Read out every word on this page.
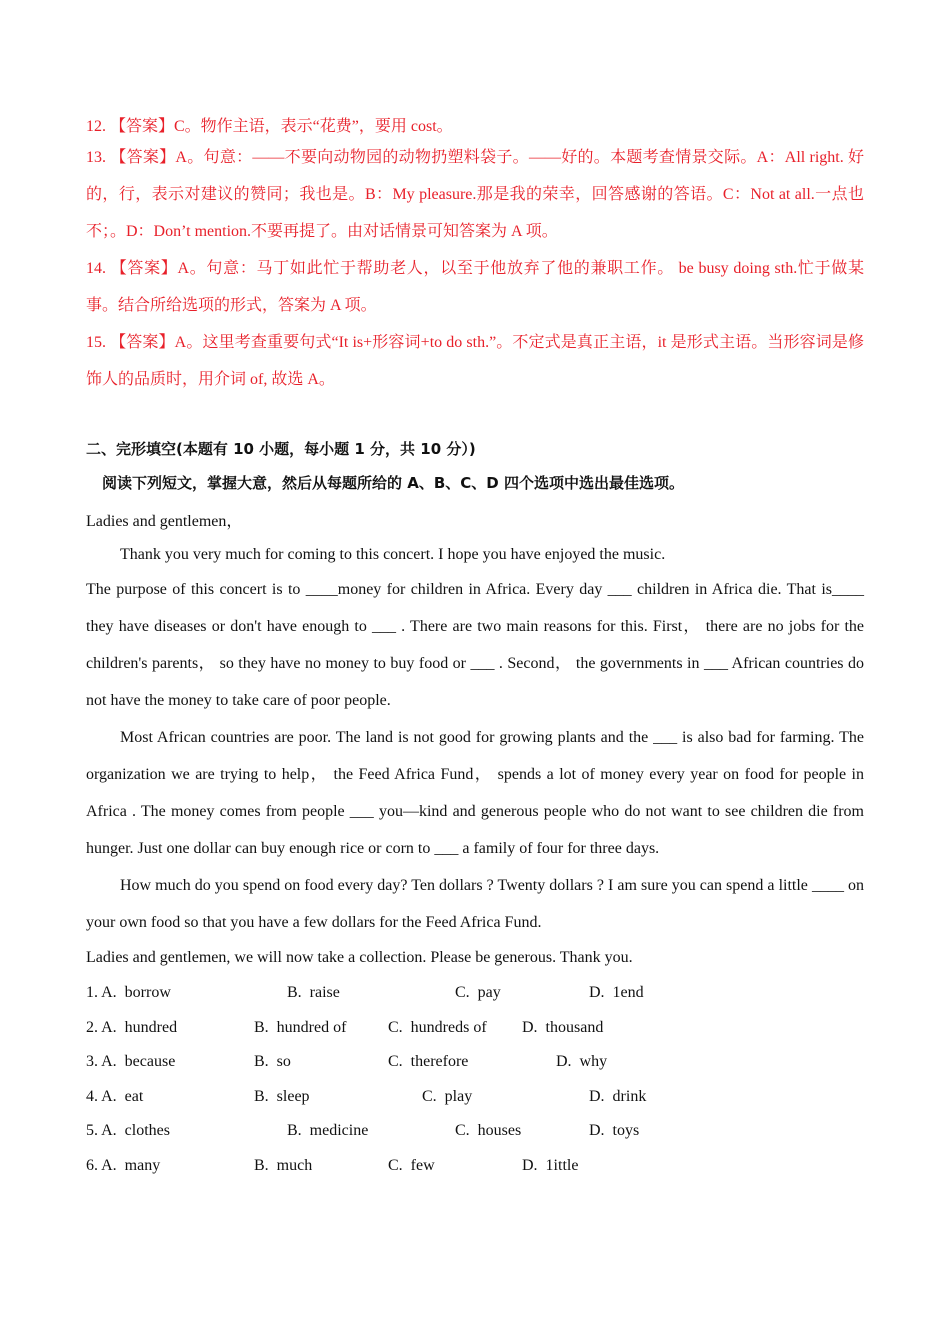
12. 【答案】C。物作主语，表示“花费”，要用 cost。

13. 【答案】A。句意：——不要向动物园的动物扔塑料袋子。——好的。本题考查情景交际。A：All right. 好的，行，表示对建议的赞同；我也是。B：My pleasure.那是我的荣幸，回答感谢的答语。C：Not at all.一点也不；。D：Don’t mention.不要再提了。由对话情景可知答案为 A 项。

14. 【答案】A。句意：马丁如此忙于帮助老人，以至于他放弃了他的兼职工作。 be busy doing sth.忙于做某事。结合所给选项的形式，答案为 A 项。

15. 【答案】A。这里考查重要句式“It is+形容词+to do sth.”。不定式是真正主语，it 是形式主语。当形容词是修饰人的品质时，用介词 of, 故选 A。

二、完形填空(本题有 10 小题，每小题 1 分，共 10 分）)

阅读下列短文，掌握大意，然后从每题所给的 A、B、C、D 四个选项中选出最佳选项。

Ladies and gentlemen，

Thank you very much for coming to this concert. I hope you have enjoyed the music.

The purpose of this concert is to ____money for children in Africa. Every day ___ children in Africa die. That is____ they have diseases or don't have enough to ___ . There are two main reasons for this. First， there are no jobs for the children's parents， so they have no money to buy food or ___ . Second， the governments in ___ African countries do not have the money to take care of poor people.

Most African countries are poor. The land is not good for growing plants and the ___ is also bad for farming. The organization we are trying to help， the Feed Africa Fund， spends a lot of money every year on food for people in Africa . The money comes from people ___ you—kind and generous people who do not want to see children die from hunger. Just one dollar can buy enough rice or corn to ___ a family of four for three days.

How much do you spend on food every day? Ten dollars ? Twenty dollars ? I am sure you can spend a little ____ on your own food so that you have a few dollars for the Feed Africa Fund.

Ladies and gentlemen, we will now take a collection. Please be generous. Thank you.

1. A.  borrow	B.  raise	C.  pay	D.  1end
2. A.  hundred	B.  hundred of	C.  hundreds of D.  thousand
3. A.  because	B.  so	C.  therefore	D.  why
4. A.  eat	B.  sleep	C.  play	D.  drink
5. A.  clothes	B.  medicine	C.  houses	D.  toys
6. A.  many	B.  much	C.  few	D.  1ittle
